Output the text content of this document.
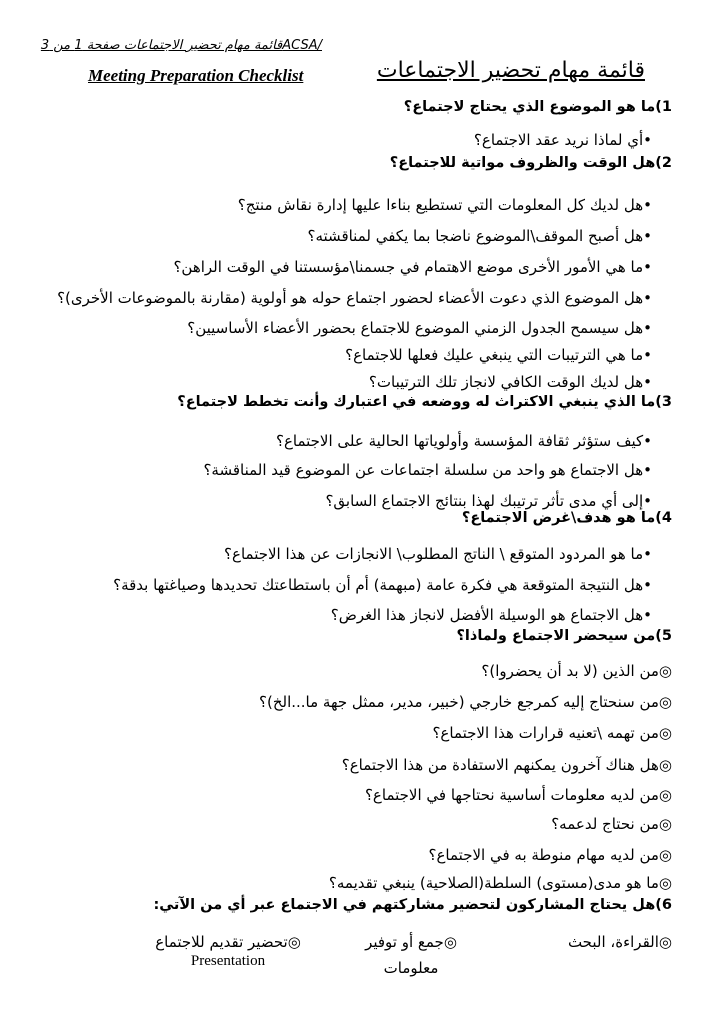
قائمة مهام تحضير الاجتماعات صفحة 1 من 3ACSA/
Meeting Preparation Checklist	قائمة مهام تحضير الاجتماعات
1)ما هو الموضوع الذي يحتاج لاجتماع؟
•أي لماذا نريد عقد الاجتماع؟
2)هل الوقت والظروف مواتية للاجتماع؟
•هل لديك كل المعلومات التي تستطيع بناءا عليها إدارة نقاش منتج؟
•هل أصبح الموقف\الموضوع ناضجا بما يكفي لمناقشته؟
•ما هي الأمور الأخرى موضع الاهتمام في جسمنا\مؤسستنا في الوقت الراهن؟
•هل الموضوع الذي دعوت الأعضاء لحضور اجتماع حوله هو أولوية (مقارنة بالموضوعات الأخرى)؟
•هل سيسمح الجدول الزمني الموضوع للاجتماع بحضور الأعضاء الأساسيين؟
•ما هي الترتيبات التي ينبغي عليك فعلها للاجتماع؟
•هل لديك الوقت الكافي لانجاز تلك الترتيبات؟
3)ما الذي ينبغي الاكتراث له ووضعه في اعتبارك وأنت تخطط لاجتماع؟
•كيف ستؤثر ثقافة المؤسسة وأولوياتها الحالية على الاجتماع؟
•هل الاجتماع هو واحد من سلسلة اجتماعات عن الموضوع قيد المناقشة؟
•إلى أي مدى تأثر ترتيبك لهذا بنتائج الاجتماع السابق؟
4)ما هو هدف\غرض الاجتماع؟
•ما هو المردود المتوقع \ الناتج المطلوب\ الانجازات عن هذا الاجتماع؟
•هل النتيجة المتوقعة هي فكرة عامة (مبهمة) أم أن باستطاعتك تحديدها وصياغتها بدقة؟
•هل الاجتماع هو الوسيلة الأفضل لانجاز هذا الغرض؟
5)من سيحضر الاجتماع ولماذا؟
◎من الذين (لا بد أن يحضروا)؟
◎من سنحتاج إليه كمرجع خارجي (خبير، مدير، ممثل جهة ما...الخ)؟
◎من تهمه \تعنيه قرارات هذا الاجتماع؟
◎هل هناك آخرون يمكنهم الاستفادة من هذا الاجتماع؟
◎من لديه معلومات أساسية نحتاجها في الاجتماع؟
◎من نحتاج لدعمه؟
◎من لديه مهام منوطة به في الاجتماع؟
◎ما هو مدى(مستوى) السلطة(الصلاحية) ينبغي تقديمه؟
6)هل يحتاج المشاركون لتحضير مشاركتهم في الاجتماع عبر أي من الآتي:
◎القراءة، البحث
◎جمع أو توفير
معلومات
◎تحضير تقديم للاجتماع
Presentation
